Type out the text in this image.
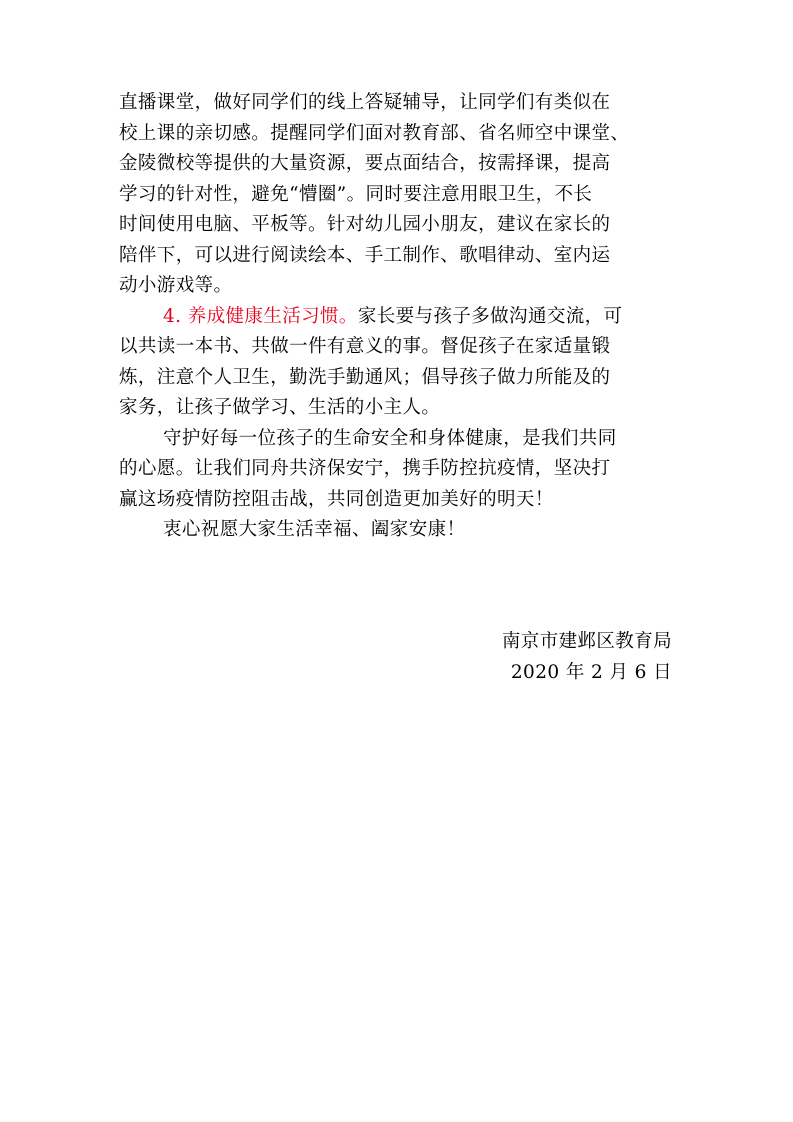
直播课堂，做好同学们的线上答疑辅导，让同学们有类似在
校上课的亲切感。提醒同学们面对教育部、省名师空中课堂、
金陵微校等提供的大量资源，要点面结合，按需择课，提高
学习的针对性，避免“懵圈”。同时要注意用眼卫生，不长
时间使用电脑、平板等。针对幼儿园小朋友，建议在家长的
陪伴下，可以进行阅读绘本、手工制作、歌唱律动、室内运
动小游戏等。
4. 养成健康生活习惯。家长要与孩子多做沟通交流，可
以共读一本书、共做一件有意义的事。督促孩子在家适量锻
炼，注意个人卫生，勤洗手勤通风；倡导孩子做力所能及的
家务，让孩子做学习、生活的小主人。
守护好每一位孩子的生命安全和身体健康，是我们共同
的心愿。让我们同舟共济保安宁，携手防控抗疫情，坚决打
赢这场疫情防控阻击战，共同创造更加美好的明天！
衷心祝愿大家生活幸福、阖家安康！
南京市建邺区教育局
2020 年 2 月 6 日
